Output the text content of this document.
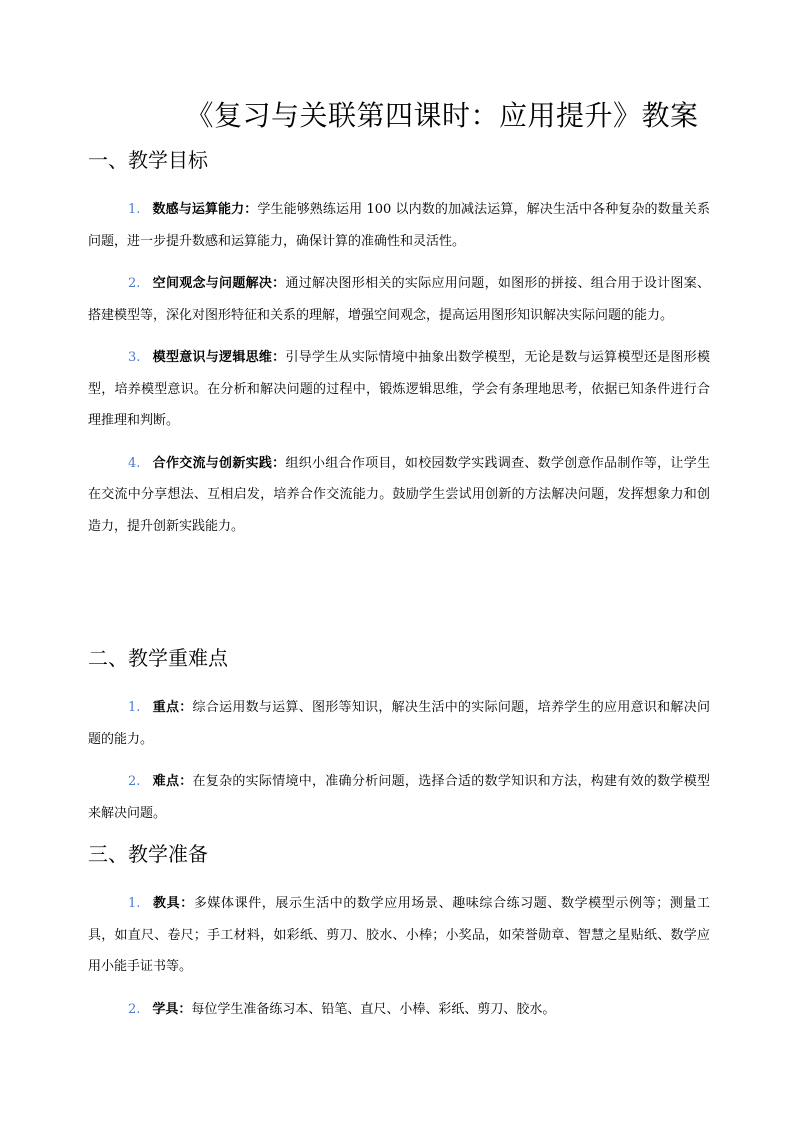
《复习与关联第四课时：应用提升》教案
一、教学目标

1. 数感与运算能力：学生能够熟练运用 100 以内数的加减法运算，解决生活中各种复杂的数量关系问题，进一步提升数感和运算能力，确保计算的准确性和灵活性。

2. 空间观念与问题解决：通过解决图形相关的实际应用问题，如图形的拼接、组合用于设计图案、搭建模型等，深化对图形特征和关系的理解，增强空间观念，提高运用图形知识解决实际问题的能力。

3. 模型意识与逻辑思维：引导学生从实际情境中抽象出数学模型，无论是数与运算模型还是图形模型，培养模型意识。在分析和解决问题的过程中，锻炼逻辑思维，学会有条理地思考，依据已知条件进行合理推理和判断。

4. 合作交流与创新实践：组织小组合作项目，如校园数学实践调查、数学创意作品制作等，让学生在交流中分享想法、互相启发，培养合作交流能力。鼓励学生尝试用创新的方法解决问题，发挥想象力和创造力，提升创新实践能力。

二、教学重难点

1. 重点：综合运用数与运算、图形等知识，解决生活中的实际问题，培养学生的应用意识和解决问题的能力。

2. 难点：在复杂的实际情境中，准确分析问题，选择合适的数学知识和方法，构建有效的数学模型来解决问题。

三、教学准备

1. 教具：多媒体课件，展示生活中的数学应用场景、趣味综合练习题、数学模型示例等；测量工具，如直尺、卷尺；手工材料，如彩纸、剪刀、胶水、小棒；小奖品，如荣誉勋章、智慧之星贴纸、数学应用小能手证书等。

2. 学具：每位学生准备练习本、铅笔、直尺、小棒、彩纸、剪刀、胶水。
